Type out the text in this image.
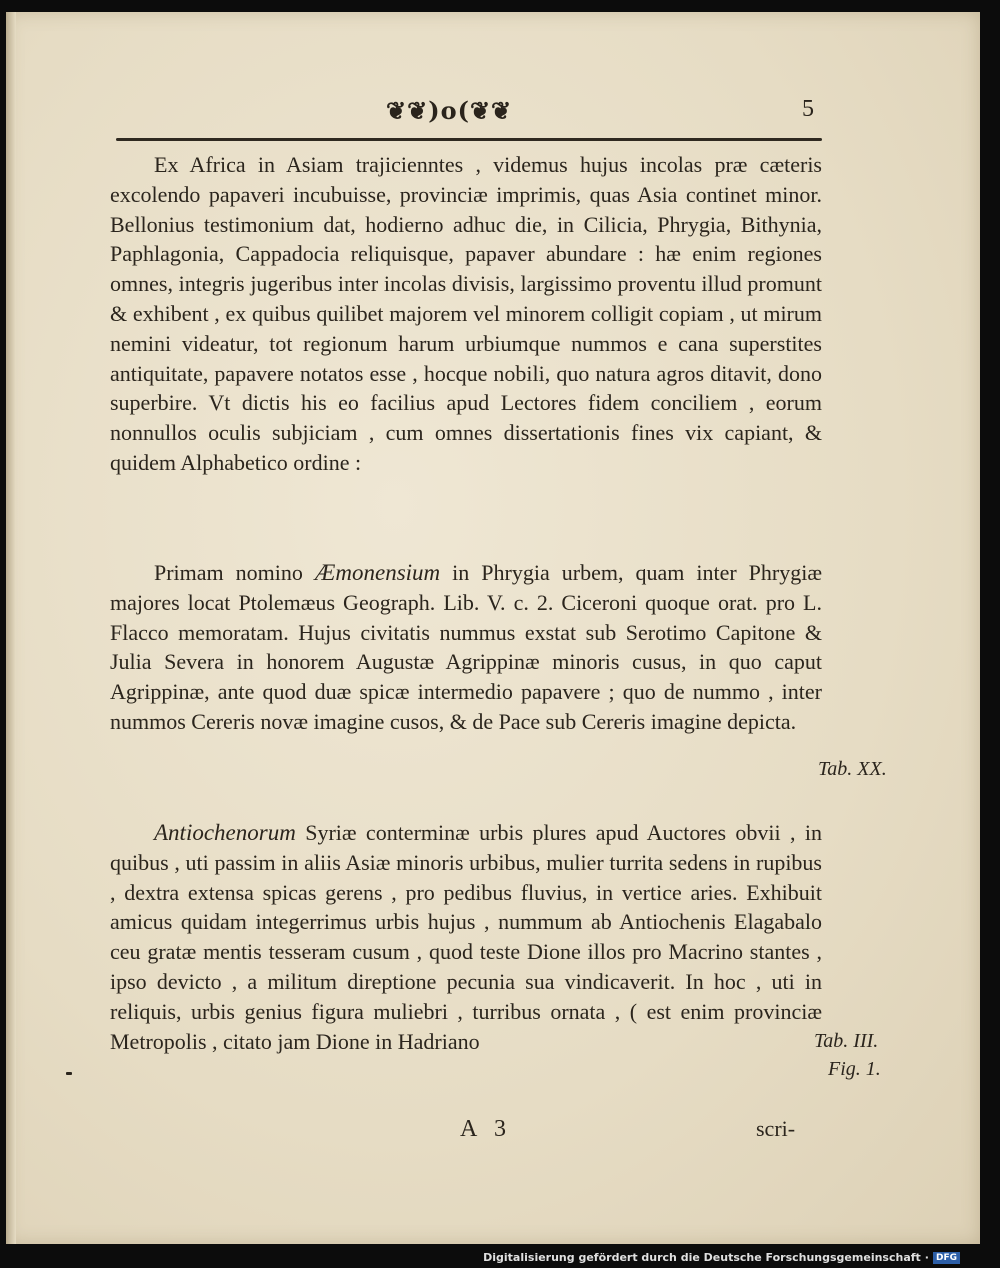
❦❦)o(❦❦	5

Ex Africa in Asiam trajicienntes , videmus hujus incolas præ cæteris excolendo papaveri incubuisse, provinciæ imprimis, quas Asia continet minor. Bellonius testimonium dat, hodierno adhuc die, in Cilicia, Phrygia, Bithynia, Paphlagonia, Cappadocia reliquisque, papaver abundare : hæ enim regiones omnes, integris jugeribus inter incolas divisis, largissimo proventu illud promunt & exhibent , ex quibus quilibet majorem vel minorem colligit copiam , ut mirum nemini videatur, tot regionum harum urbiumque nummos e cana superstites antiquitate, papavere notatos esse , hocque nobili, quo natura agros ditavit, dono superbire. Vt dictis his eo facilius apud Lectores fidem conciliem , eorum nonnullos oculis subjiciam , cum omnes dissertationis fines vix capiant, & quidem Alphabetico ordine :

Primam nomino Æmonensium in Phrygia urbem, quam inter Phrygiæ majores locat Ptolemæus Geograph. Lib. V. c. 2. Ciceroni quoque orat. pro L. Flacco memoratam. Hujus civitatis nummus exstat sub Serotimo Capitone & Julia Severa in honorem Augustæ Agrippinæ minoris cusus, in quo caput Agrippinæ, ante quod duæ spicæ intermedio papavere ; quo de nummo , inter nummos Cereris novæ imagine cusos, & de Pace sub Cereris imagine depicta.

Antiochenorum Syriæ conterminæ urbis plures apud Auctores obvii , in quibus , uti passim in aliis Asiæ minoris urbibus, mulier turrita sedens in rupibus , dextra extensa spicas gerens , pro pedibus fluvius, in vertice aries. Exhibuit amicus quidam integerrimus urbis hujus , nummum ab Antiochenis Elagabalo ceu gratæ mentis tesseram cusum , quod teste Dione illos pro Macrino stantes , ipso devicto , a militum direptione pecunia sua vindicaverit. In hoc , uti in reliquis, urbis genius figura muliebri , turribus ornata , ( est enim provinciæ Metropolis , citato jam Dione in Hadriano

Tab. XX.
Tab. III.
Fig. 1.
A 3	scri-
Digitalisierung gefördert durch die Deutsche Forschungsgemeinschaft · DFG
